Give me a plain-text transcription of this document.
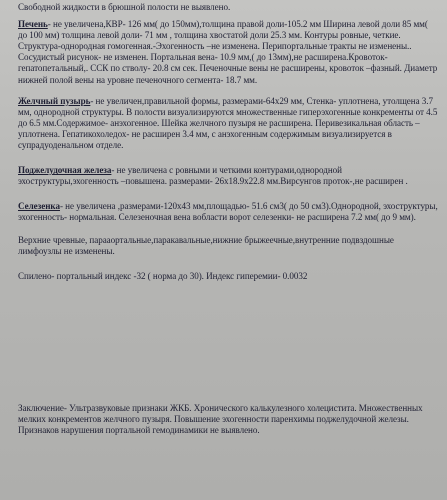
Свободной жидкости в брюшной полости не выявлено.

Печень- не увеличена,КВР- 126 мм( до 150мм),толщина правой доли-105.2 мм Ширина левой доли 85 мм( до 100 мм) толщина левой доли- 71 мм , толщина хвостатой доли 25.3 мм. Контуры ровные, четкие. Структура-однородная гомогенная.-Эхогенность –не изменена. Перипортальные тракты не изменены.. Сосудистый рисунок- не изменен. Портальная вена- 10.9 мм,( до 13мм),не расширена.Кровоток- гепатопетальный,. ССК по стволу- 20.8 см сек. Печеночные вены не расширены, кровоток –фазный. Диаметр нижней полой вены на уровне печеночного сегмента- 18.7 мм.

Желчный пузырь- не увеличен,правильной формы, размерами-64х29 мм, Стенка- уплотнена, утолщена 3.7 мм, однородной структуры. В полости визуализируются множественные гиперэхогенные конкременты от 4.5 до 6.5 мм.Содержимое- анэхогенное. Шейка желчного пузыря не расширена. Перивезикальная область –уплотнена. Гепатикохоледох- не расширен 3.4 мм, с анэхогенным содержимым визуализируется в супрадуоденальном отделе.

Поджелудочная железа- не увеличена с ровными и четкими контурами,однородной эхоструктуры,эхогенность –повышена. размерами- 26х18.9х22.8 мм.Вирсунгов проток-,не расширен .

Селезенка- не увеличена ,размерами-120х43 мм,площадью- 51.6 см3( до 50 см3).Однородной, эхоструктуры, эхогенность- нормальная. Селезеночная вена вобласти ворот селезенки- не расширена 7.2 мм( до 9 мм).

Верхние чревные, парааортальные,паракавальные,нижние брыжеечные,внутренние подвздошные лимфоузлы не изменены.

Спилено- портальный индекс -32 ( норма до 30). Индекс гиперемии- 0.0032

Заключение- Ультразвуковые признаки ЖКБ. Хронического калькулезного холецистита. Множественных мелких конкрементов желчного пузыря. Повышение эхогенности паренхимы поджелудочной железы. Признаков нарушения портальной гемодинамики не выявлено.
